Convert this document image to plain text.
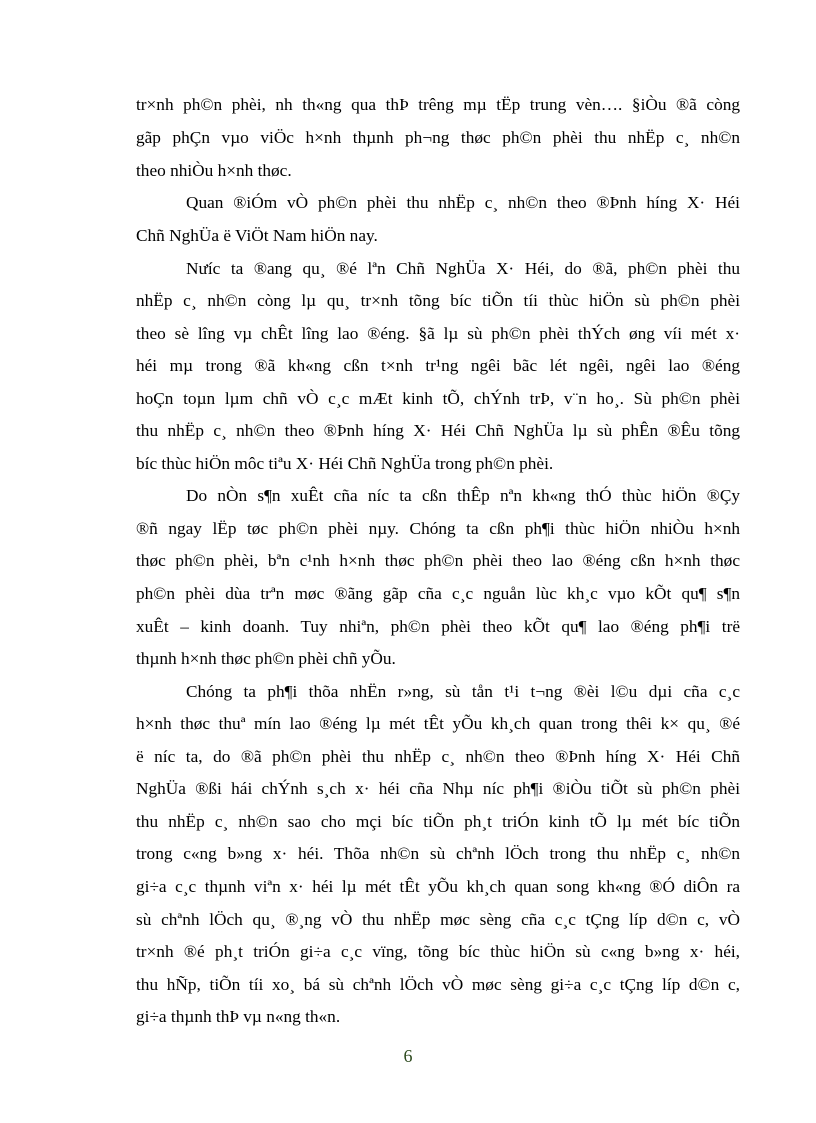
tr×nh ph©n phèi, nh th«ng qua thÞ trêng mµ tËp trung vèn…. §iÒu ®ã còng
gãp phÇn vµo viÖc h×nh thµnh ph¬ng thøc ph©n phèi thu nhËp c¸ nh©n
theo nhiÒu h×nh thøc.
Quan ®iÓm vÒ ph©n phèi thu nhËp c¸ nh©n theo ®Þnh híng X· Héi
Chñ NghÜa ë ViÖt Nam hiÖn nay.
Nưíc ta ®ang qu¸ ®é lªn Chñ NghÜa X· Héi, do ®ã, ph©n phèi thu
nhËp c¸ nh©n còng lµ qu¸ tr×nh tõng bíc tiÕn tíi thùc hiÖn sù ph©n phèi
theo sè lîng vµ chÊt lîng lao ®éng. §ã lµ sù ph©n phèi thÝch øng víi mét x·
héi mµ trong ®ã kh«ng cßn t×nh tr¹ng ngêi bãc lét ngêi, ngêi lao ®éng
hoÇn toµn lµm chñ vÒ c¸c mÆt kinh tÕ, chÝnh trÞ, v¨n ho¸. Sù ph©n phèi
thu nhËp c¸ nh©n theo ®Þnh híng X· Héi Chñ NghÜa lµ sù phÊn ®Êu tõng
bíc thùc hiÖn môc tiªu X· Héi Chñ NghÜa trong ph©n phèi.
Do nÒn s¶n xuÊt cña níc ta cßn thÊp nªn kh«ng thÓ thùc hiÖn ®Çy
®ñ ngay lËp tøc ph©n phèi nµy. Chóng ta cßn ph¶i thùc hiÖn nhiÒu h×nh
thøc ph©n phèi, bªn c¹nh h×nh thøc ph©n phèi theo lao ®éng cßn h×nh thøc
ph©n phèi dùa trªn møc ®ãng gãp cña c¸c nguån lùc kh¸c vµo kÕt qu¶ s¶n
xuÊt – kinh doanh. Tuy nhiªn, ph©n phèi theo kÕt qu¶ lao ®éng ph¶i trë
thµnh h×nh thøc ph©n phèi chñ yÕu.
Chóng ta ph¶i thõa nhËn r»ng, sù tån t¹i t¬ng ®èi l©u dµi cña c¸c
h×nh thøc thuª mín lao ®éng lµ mét tÊt yÕu kh¸ch quan trong thêi k× qu¸ ®é
ë níc ta, do ®ã ph©n phèi thu nhËp c¸ nh©n theo ®Þnh híng X· Héi Chñ
NghÜa ®ßi hái chÝnh s¸ch x· héi cña Nhµ níc ph¶i ®iÒu tiÕt sù ph©n phèi
thu nhËp c¸ nh©n sao cho mçi bíc tiÕn ph¸t triÓn kinh tÕ lµ mét bíc tiÕn
trong c«ng b»ng x· héi. Thõa nh©n sù chªnh lÖch trong thu nhËp c¸ nh©n
gi÷a c¸c thµnh viªn x· héi lµ mét tÊt yÕu kh¸ch quan song kh«ng ®Ó diÔn ra
sù chªnh lÖch qu¸ ®¸ng vÒ thu nhËp møc sèng cña c¸c tÇng líp d©n c, vÒ
tr×nh ®é ph¸t triÓn gi÷a c¸c vïng, tõng bíc thùc hiÖn sù c«ng b»ng x· héi,
thu hÑp, tiÕn tíi xo¸ bá sù chªnh lÖch vÒ møc sèng gi÷a c¸c tÇng líp d©n c,
gi÷a thµnh thÞ vµ n«ng th«n.
6
